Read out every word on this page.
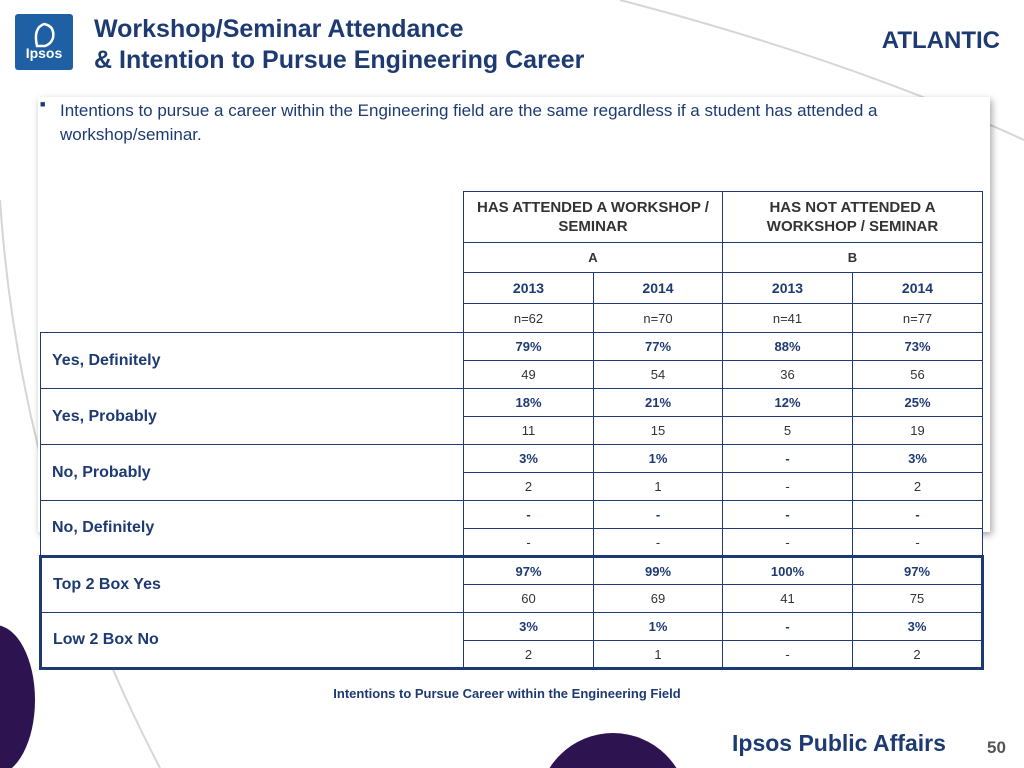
Ipsos
Workshop/Seminar Attendance
& Intention to Pursue Engineering Career
ATLANTIC
■ Intentions to pursue a career within the Engineering field are the same regardless if a student has attended a workshop/seminar.
	HAS ATTENDED A WORKSHOP / SEMINAR		HAS NOT ATTENDED A WORKSHOP / SEMINAR	
	A		B	
	2013	2014	2013	2014
	n=62	n=70	n=41	n=77
Yes, Definitely	79%	77%	88%	73%
	49	54	36	56
Yes, Probably	18%	21%	12%	25%
	11	15	5	19
No, Probably	3%	1%	-	3%
	2	1	-	2
No, Definitely	-	-	-	-
	-	-	-	-
Top 2 Box Yes	97%	99%	100%	97%
	60	69	41	75
Low 2 Box No	3%	1%	-	3%
	2	1	-	2
Intentions to Pursue Career within the Engineering Field
Ipsos Public Affairs 50
